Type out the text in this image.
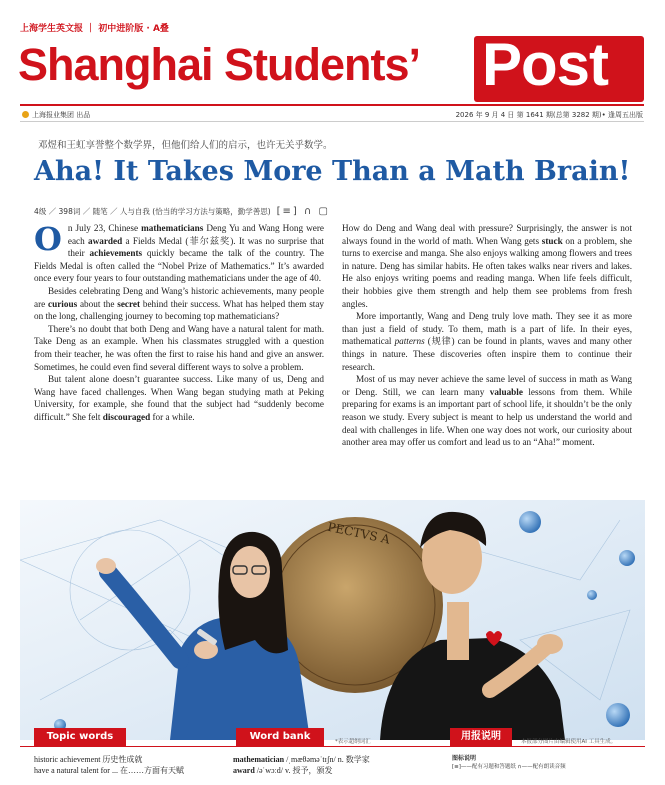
上海学生英文报 ｜ 初中进阶版 · A叠
Shanghai Students’ Post
上海报业集团 出品	2026 年 9 月 4 日 第 1641 期(总第 3282 期)• 逢周五出版
邓煜和王虹享誉整个数学界，但他们给人们的启示，也许无关乎数学。
Aha! It Takes More Than a Math Brain!
4级 ／ 398词 ／ 随笔 ／ 人与自我 (恰当的学习方法与策略，勤学善思) [≡] ∩ ▢

On July 23, Chinese mathematicians Deng Yu and Wang Hong were each awarded a Fields Medal (菲尔兹奖). It was no surprise that their achievements quickly became the talk of the country. The Fields Medal is often called the “Nobel Prize of Mathematics.” It’s awarded once every four years to four outstanding mathematicians under the age of 40.

Besides celebrating Deng and Wang’s historic achievements, many people are curious about the secret behind their success. What has helped them stay on the long, challenging journey to becoming top mathematicians?

There’s no doubt that both Deng and Wang have a natural talent for math. Take Deng as an example. When his classmates struggled with a question from their teacher, he was often the first to raise his hand and give an answer. Sometimes, he could even find several different ways to solve a problem.

But talent alone doesn’t guarantee success. Like many of us, Deng and Wang have faced challenges. When Wang began studying math at Peking University, for example, she found that the subject had “suddenly become difficult.” She felt discouraged for a while.

How do Deng and Wang deal with pressure? Surprisingly, the answer is not always found in the world of math. When Wang gets stuck on a problem, she turns to exercise and manga. She also enjoys walking among flowers and trees in nature. Deng has similar habits. He often takes walks near rivers and lakes. He also enjoys writing poems and reading manga. When life feels difficult, their hobbies give them strength and help them see problems from fresh angles.

More importantly, Wang and Deng truly love math. They see it as more than just a field of study. To them, math is a part of life. In their eyes, mathematical patterns (规律) can be found in plants, waves and many other things in nature. These discoveries often inspire them to continue their research.

Most of us may never achieve the same level of success in math as Wang or Deng. Still, we can learn many valuable lessons from them. While preparing for exams is an important part of school life, it shouldn’t be the only reason we study. Every subject is meant to help us understand the world and deal with challenges in life. When one way does not work, our curiosity about another area may offer us comfort and lead us to an “Aha!” moment.

PECTVS A
*表示超纲词汇	本报部分图片由编辑使用AI 工具生成。
Topic words	Word bank	用报说明
historic achievement 历史性成就
have a natural talent for ... 在……方面有天赋
mathematician /ˌmæθəməˈtɪʃn/ n. 数学家
award /əˈwɔːd/ v. 授予，颁发
图标说明
[≡]——配有习题和答题纸 ∩——配有朗读音频
